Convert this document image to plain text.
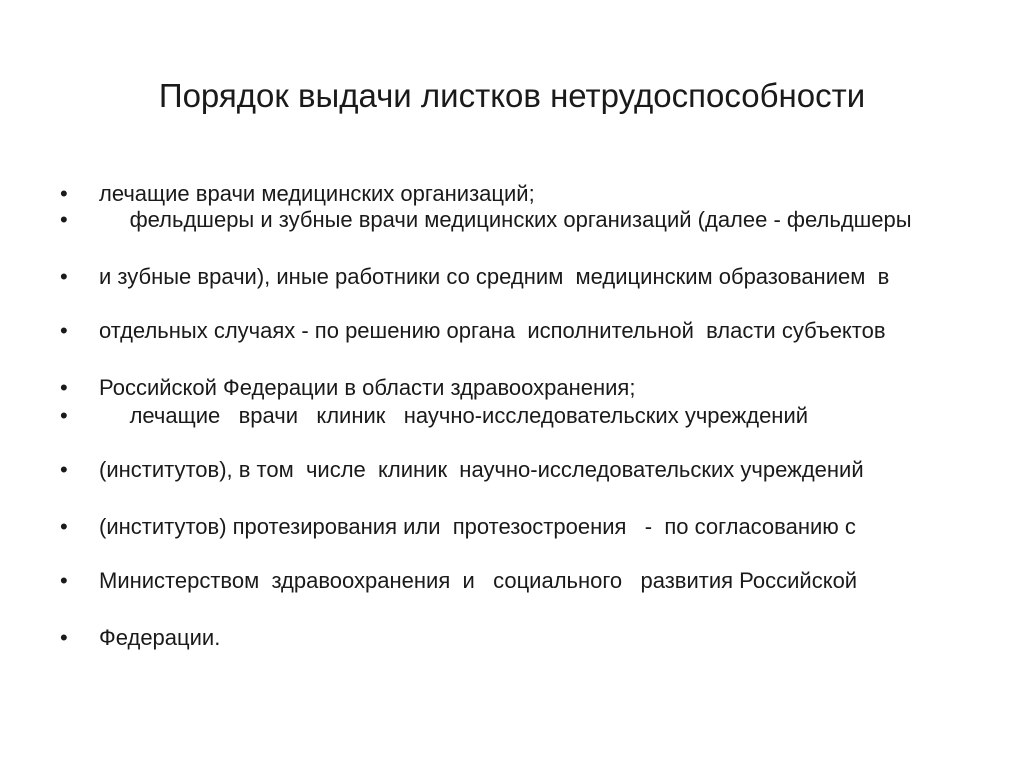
Порядок выдачи листков нетрудоспособности
•	лечащие врачи медицинских организаций;
•	фельдшеры и зубные врачи медицинских организаций (далее - фельдшеры
•	и зубные врачи), иные работники со средним  медицинским образованием  в
•	отдельных случаях - по решению органа  исполнительной  власти субъектов
•	Российской Федерации в области здравоохранения;
•	лечащие   врачи   клиник   научно-исследовательских учреждений
•	(институтов), в том  числе  клиник  научно-исследовательских учреждений
•	(институтов) протезирования или  протезостроения   -  по согласованию с
•	Министерством  здравоохранения  и   социального   развития Российской
•	Федерации.
